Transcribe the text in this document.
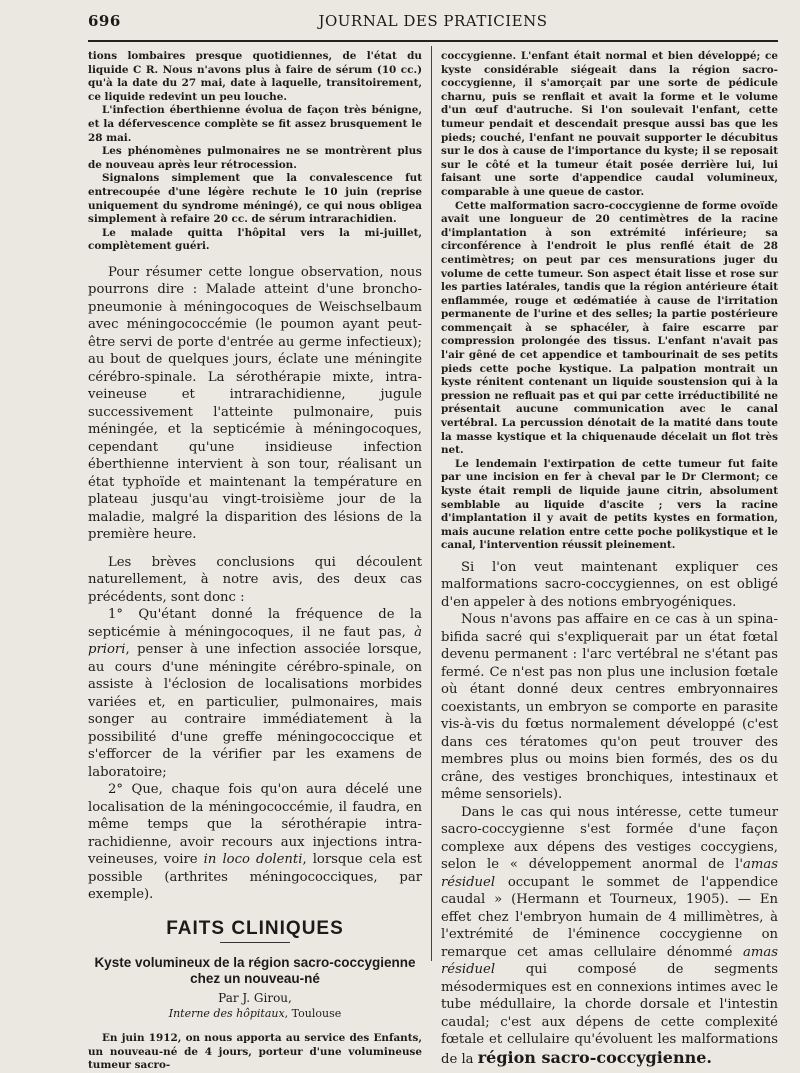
696	JOURNAL DES PRATICIENS

tions lombaires presque quotidiennes, de l'état du liquide C R. Nous n'avons plus à faire de sérum (10 cc.) qu'à la date du 27 mai, date à laquelle, transitoirement, ce liquide redevint un peu louche.

L'infection éberthienne évolua de façon très bénigne, et la défervescence complète se fit assez brusquement le 28 mai.

Les phénomènes pulmonaires ne se montrèrent plus de nouveau après leur rétrocession.

Signalons simplement que la convalescence fut entrecoupée d'une légère rechute le 10 juin (reprise uniquement du syndrome méningé), ce qui nous obligea simplement à refaire 20 cc. de sérum intrarachidien.

Le malade quitta l'hôpital vers la mi-juillet, complètement guéri.

Pour résumer cette longue observation, nous pourrons dire : Malade atteint d'une broncho-pneumonie à méningocoques de Weischselbaum avec méningococcémie (le poumon ayant peut-être servi de porte d'entrée au germe infectieux); au bout de quelques jours, éclate une méningite cérébro-spinale. La sérothérapie mixte, intra-veineuse et intrarachidienne, jugule successivement l'atteinte pulmonaire, puis méningée, et la septicémie à méningocoques, cependant qu'une insidieuse infection éberthienne intervient à son tour, réalisant un état typhoïde et maintenant la température en plateau jusqu'au vingt-troisième jour de la maladie, malgré la disparition des lésions de la première heure.

Les brèves conclusions qui découlent naturellement, à notre avis, des deux cas précédents, sont donc :

1° Qu'étant donné la fréquence de la septicémie à méningocoques, il ne faut pas, à priori, penser à une infection associée lorsque, au cours d'une méningite cérébro-spinale, on assiste à l'éclosion de localisations morbides variées et, en particulier, pulmonaires, mais songer au contraire immédiatement à la possibilité d'une greffe méningococcique et s'efforcer de la vérifier par les examens de laboratoire;

2° Que, chaque fois qu'on aura décelé une localisation de la méningococcémie, il faudra, en même temps que la sérothérapie intra-rachidienne, avoir recours aux injections intra-veineuses, voire in loco dolenti, lorsque cela est possible (arthrites méningococciques, par exemple).

FAITS CLINIQUES
Kyste volumineux de la région sacro-coccygienne chez un nouveau-né
Par J. Girou,
Interne des hôpitaux, Toulouse

En juin 1912, on nous apporta au service des Enfants, un nouveau-né de 4 jours, porteur d'une volumineuse tumeur sacro-

coccygienne. L'enfant était normal et bien développé; ce kyste considérable siégeait dans la région sacro-coccygienne, il s'amorçait par une sorte de pédicule charnu, puis se renflait et avait la forme et le volume d'un œuf d'autruche. Si l'on soulevait l'enfant, cette tumeur pendait et descendait presque aussi bas que les pieds; couché, l'enfant ne pouvait supporter le décubitus sur le dos à cause de l'importance du kyste; il se reposait sur le côté et la tumeur était posée derrière lui, lui faisant une sorte d'appendice caudal volumineux, comparable à une queue de castor.

Cette malformation sacro-coccygienne de forme ovoïde avait une longueur de 20 centimètres de la racine d'implantation à son extrémité inférieure; sa circonférence à l'endroit le plus renflé était de 28 centimètres; on peut par ces mensurations juger du volume de cette tumeur. Son aspect était lisse et rose sur les parties latérales, tandis que la région antérieure était enflammée, rouge et œdématiée à cause de l'irritation permanente de l'urine et des selles; la partie postérieure commençait à se sphacéler, à faire escarre par compression prolongée des tissus. L'enfant n'avait pas l'air gêné de cet appendice et tambourinait de ses petits pieds cette poche kystique. La palpation montrait un kyste rénitent contenant un liquide soustension qui à la pression ne refluait pas et qui par cette irréductibilité ne présentait aucune communication avec le canal vertébral. La percussion dénotait de la matité dans toute la masse kystique et la chiquenaude décelait un flot très net.

Le lendemain l'extirpation de cette tumeur fut faite par une incision en fer à cheval par le Dr Clermont; ce kyste était rempli de liquide jaune citrin, absolument semblable au liquide d'ascite ; vers la racine d'implantation il y avait de petits kystes en formation, mais aucune relation entre cette poche polikystique et le canal, l'intervention réussit pleinement.

Si l'on veut maintenant expliquer ces malformations sacro-coccygiennes, on est obligé d'en appeler à des notions embryogéniques.

Nous n'avons pas affaire en ce cas à un spina-bifida sacré qui s'expliquerait par un état fœtal devenu permanent : l'arc vertébral ne s'étant pas fermé. Ce n'est pas non plus une inclusion fœtale où étant donné deux centres embryonnaires coexistants, un embryon se comporte en parasite vis-à-vis du fœtus normalement développé (c'est dans ces tératomes qu'on peut trouver des membres plus ou moins bien formés, des os du crâne, des vestiges bronchiques, intestinaux et même sensoriels).

Dans le cas qui nous intéresse, cette tumeur sacro-coccygienne s'est formée d'une façon complexe aux dépens des vestiges coccygiens, selon le « développement anormal de l'amas résiduel occupant le sommet de l'appendice caudal » (Hermann et Tourneux, 1905). — En effet chez l'embryon humain de 4 millimètres, à l'extrémité de l'éminence coccygienne on remarque cet amas cellulaire dénommé amas résiduel qui composé de segments mésodermiques est en connexions intimes avec le tube médullaire, la chorde dorsale et l'intestin caudal; c'est aux dépens de cette complexité fœtale et cellulaire qu'évoluent les malformations de la région sacro-coccygienne.
